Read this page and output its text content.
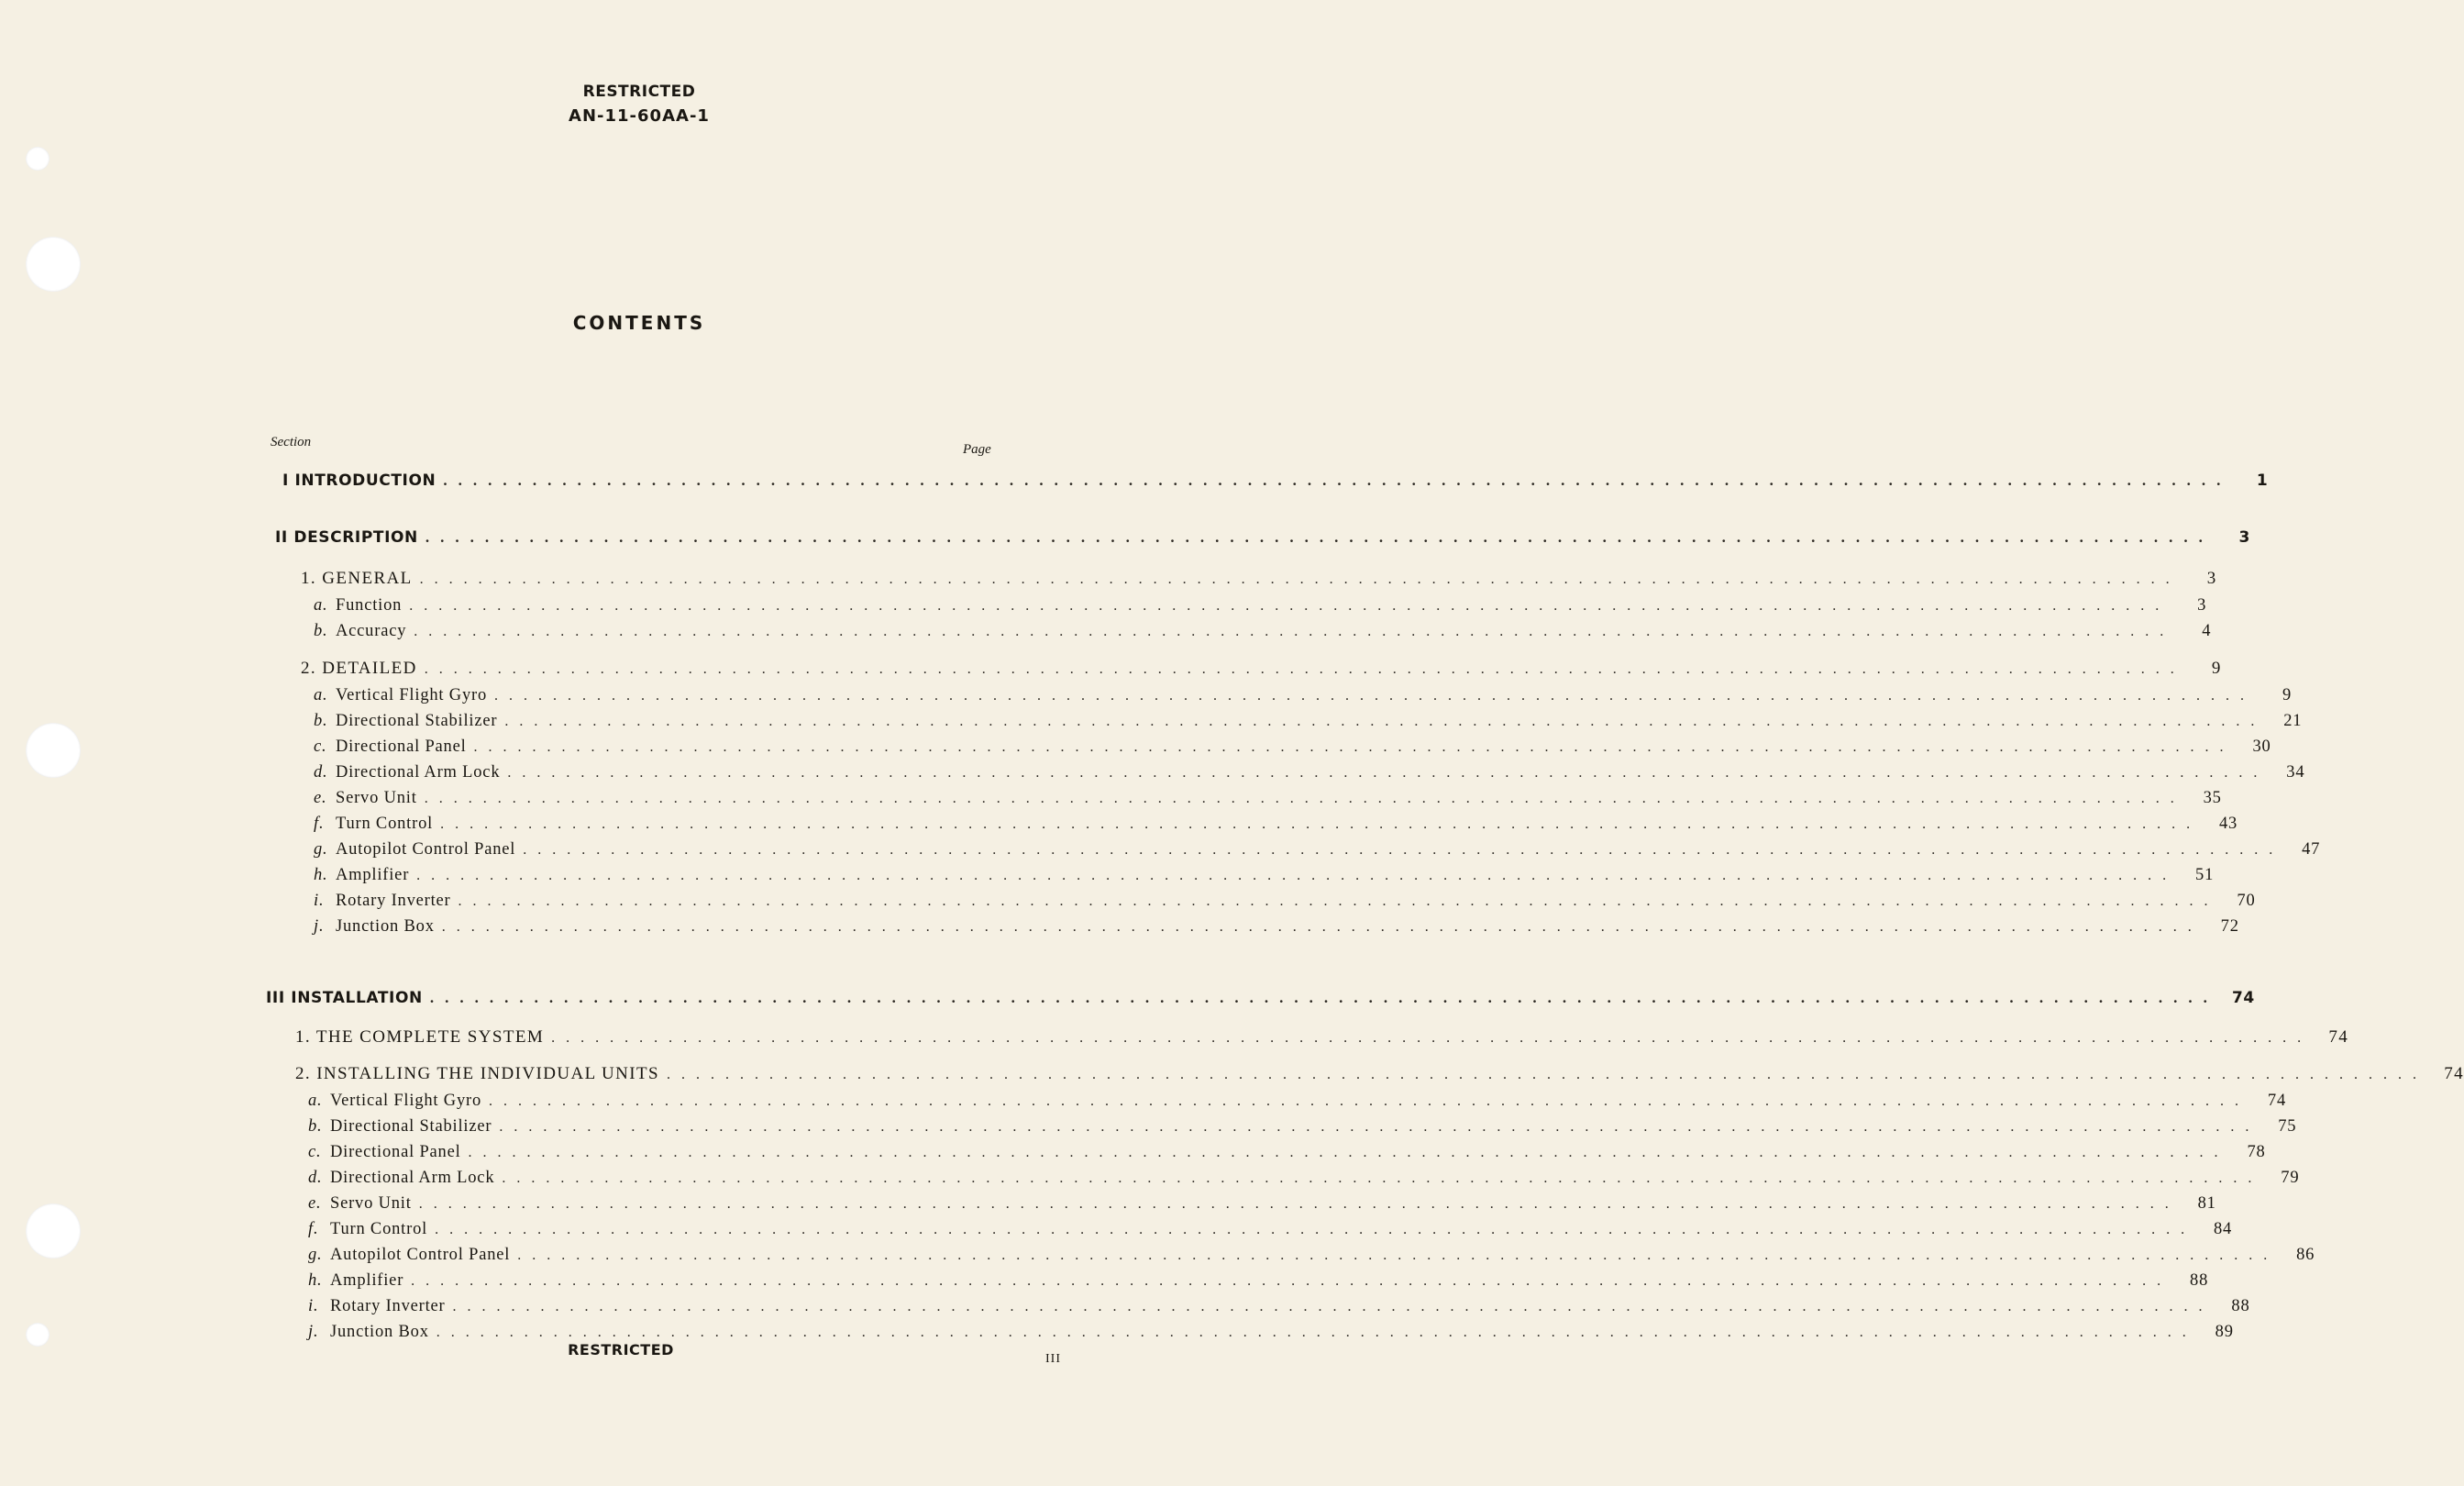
RESTRICTED
AN-11-60AA-1
CONTENTS
Section	Page
I INTRODUCTION ........................................................................................................................	1
II DESCRIPTION ........................................................................................................................	3
1. GENERAL ........................................................................................................................	3
a. Function ........................................................................................................................	3
b. Accuracy ........................................................................................................................	4
2. DETAILED ........................................................................................................................	9
a. Vertical Flight Gyro ........................................................................................................................	9
b. Directional Stabilizer ........................................................................................................................	21
c. Directional Panel ........................................................................................................................	30
d. Directional Arm Lock ........................................................................................................................	34
e. Servo Unit ........................................................................................................................	35
f. Turn Control ........................................................................................................................	43
g. Autopilot Control Panel ........................................................................................................................	47
h. Amplifier ........................................................................................................................	51
i. Rotary Inverter ........................................................................................................................	70
j. Junction Box ........................................................................................................................	72
III INSTALLATION ........................................................................................................................ 74
1. THE COMPLETE SYSTEM ........................................................................................................................ 74
2. INSTALLING THE INDIVIDUAL UNITS ........................................................................................................................ 74
a. Vertical Flight Gyro ........................................................................................................................	74
b. Directional Stabilizer ........................................................................................................................	75
c. Directional Panel ........................................................................................................................	78
d. Directional Arm Lock ........................................................................................................................	79
e. Servo Unit ........................................................................................................................	81
f. Turn Control ........................................................................................................................	84
g. Autopilot Control Panel ........................................................................................................................	86
h. Amplifier ........................................................................................................................	88
i. Rotary Inverter ........................................................................................................................	88
j. Junction Box ........................................................................................................................	89
RESTRICTED
III
